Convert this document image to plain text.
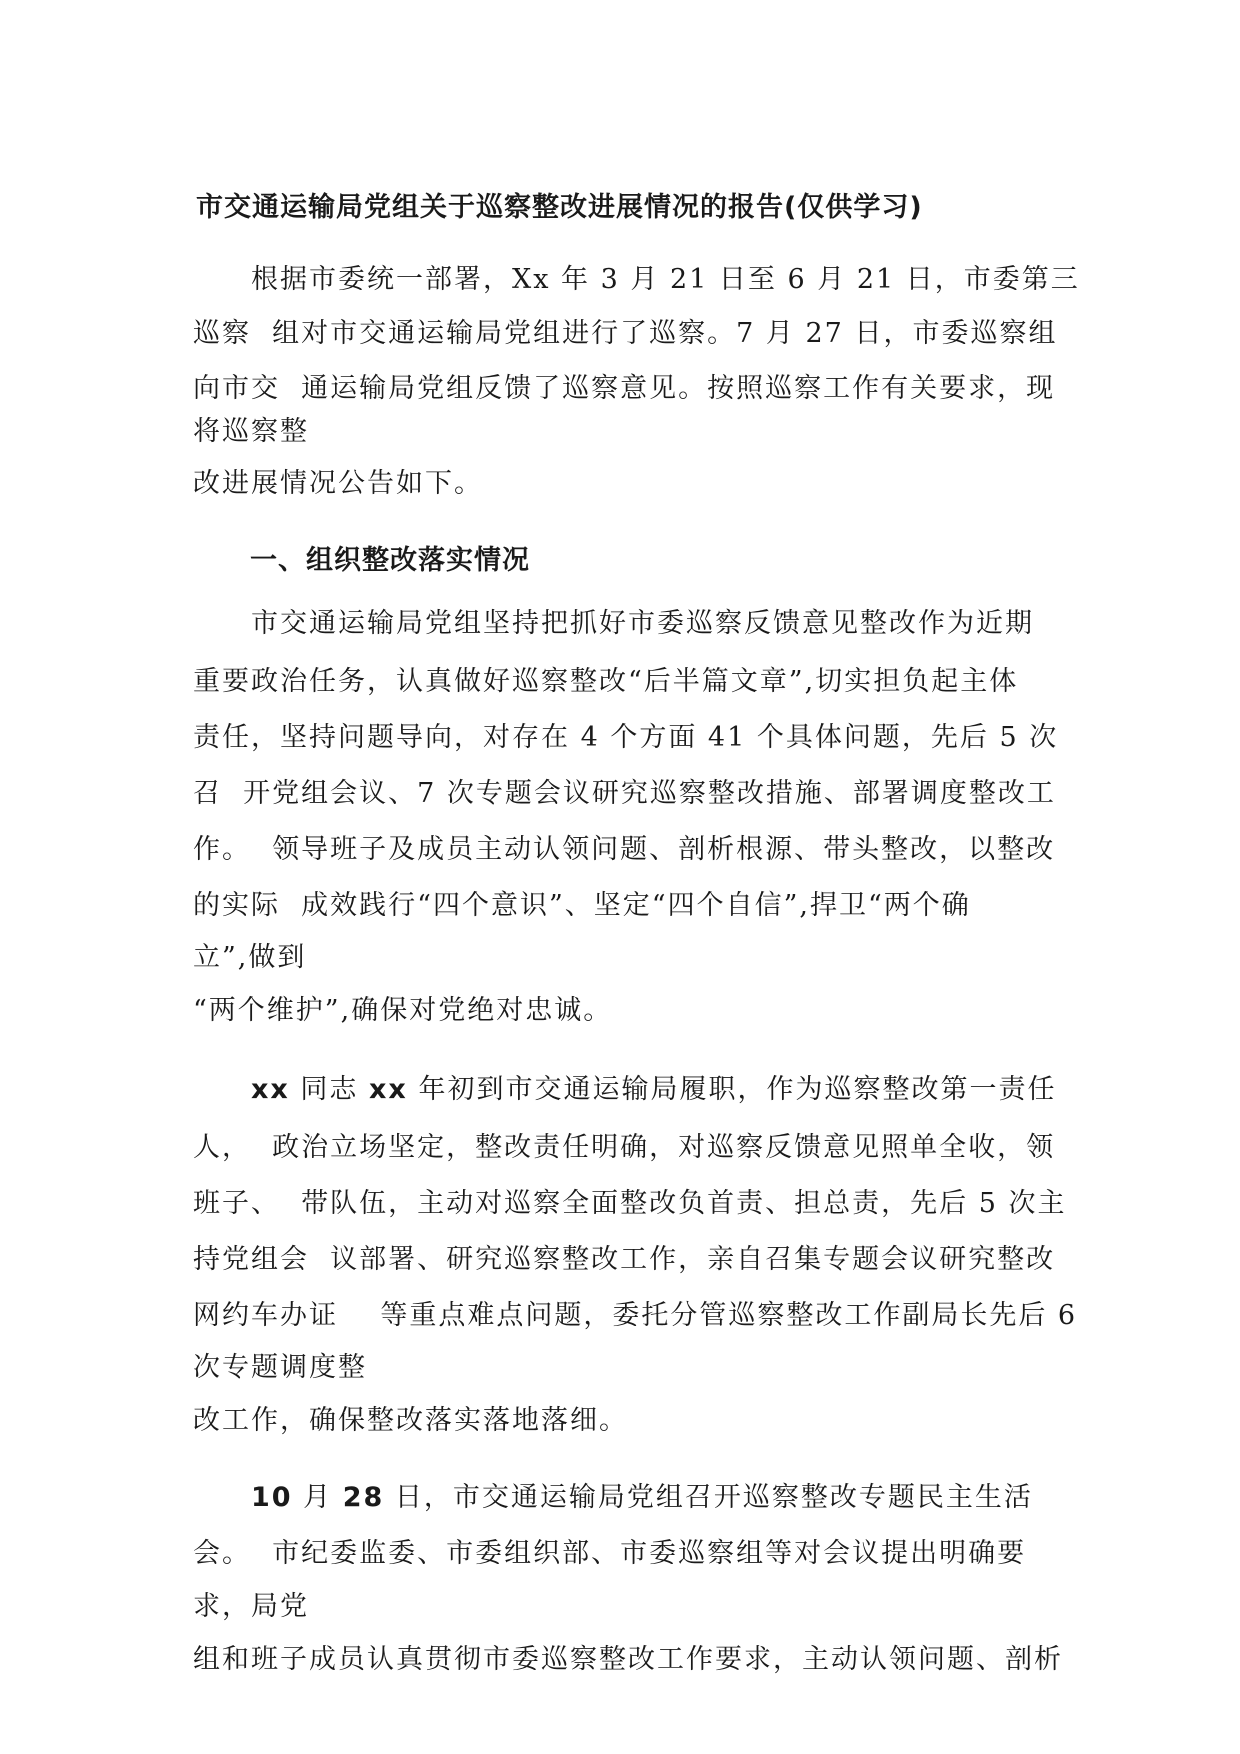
市交通运输局党组关于巡察整改进展情况的报告(仅供学习)
　　根据市委统一部署，Xx 年 3 月 21 日至 6 月 21 日，市委第三
巡察  组对市交通运输局党组进行了巡察。7 月 27 日，市委巡察组
向市交  通运输局党组反馈了巡察意见。按照巡察工作有关要求，现
将巡察整
改进展情况公告如下。
一、组织整改落实情况
　　市交通运输局党组坚持把抓好市委巡察反馈意见整改作为近期
重要政治任务，认真做好巡察整改“后半篇文章”,切实担负起主体
责任，坚持问题导向，对存在 4 个方面 41 个具体问题，先后 5 次
召  开党组会议、7 次专题会议研究巡察整改措施、部署调度整改工
作。  领导班子及成员主动认领问题、剖析根源、带头整改，以整改
的实际  成效践行“四个意识”、坚定“四个自信”,捍卫“两个确
立”,做到
“两个维护”,确保对党绝对忠诚。
　　xx 同志 xx 年初到市交通运输局履职，作为巡察整改第一责任
人，  政治立场坚定，整改责任明确，对巡察反馈意见照单全收，领
班子、  带队伍，主动对巡察全面整改负首责、担总责，先后 5 次主
持党组会  议部署、研究巡察整改工作，亲自召集专题会议研究整改
网约车办证    等重点难点问题，委托分管巡察整改工作副局长先后 6
次专题调度整
改工作，确保整改落实落地落细。
　　10 月 28 日，市交通运输局党组召开巡察整改专题民主生活
会。  市纪委监委、市委组织部、市委巡察组等对会议提出明确要
求，局党
组和班子成员认真贯彻市委巡察整改工作要求，主动认领问题、剖析
